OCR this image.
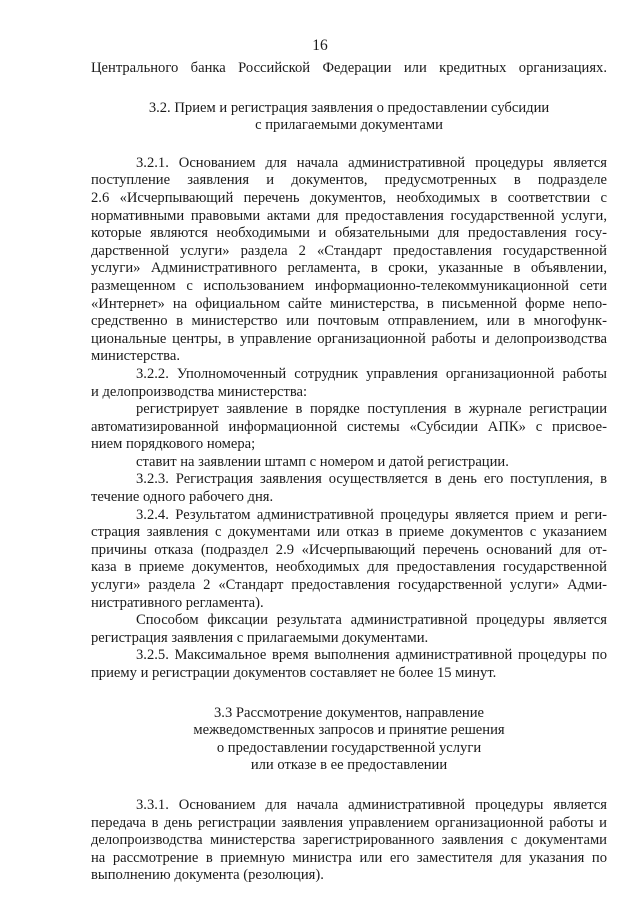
16
Центрального банка Российской Федерации или кредитных организациях.
3.2. Прием и регистрация заявления о предоставлении субсидии
с прилагаемыми документами
3.2.1. Основанием для начала административной процедуры является
поступление заявления и документов, предусмотренных в подразделе
2.6 «Исчерпывающий перечень документов, необходимых в соответствии с
нормативными правовыми актами для предоставления государственной услуги,
которые являются необходимыми и обязательными для предоставления госу-
дарственной услуги» раздела 2 «Стандарт предоставления государственной
услуги» Административного регламента, в сроки, указанные в объявлении,
размещенном с использованием информационно-телекоммуникационной сети
«Интернет» на официальном сайте министерства, в письменной форме непо-
средственно в министерство или почтовым отправлением, или в многофунк-
циональные центры, в управление организационной работы и делопроизводства
министерства.
3.2.2. Уполномоченный сотрудник управления организационной работы
и делопроизводства министерства:
регистрирует заявление в порядке поступления в журнале регистрации
автоматизированной информационной системы «Субсидии АПК» с присвое-
нием порядкового номера;
ставит на заявлении штамп с номером и датой регистрации.
3.2.3. Регистрация заявления осуществляется в день его поступления, в
течение одного рабочего дня.
3.2.4. Результатом административной процедуры является прием и реги-
страция заявления с документами или отказ в приеме документов с указанием
причины отказа (подраздел 2.9 «Исчерпывающий перечень оснований для от-
каза в приеме документов, необходимых для предоставления государственной
услуги» раздела 2 «Стандарт предоставления государственной услуги» Адми-
нистративного регламента).
Способом фиксации результата административной процедуры является
регистрация заявления с прилагаемыми документами.
3.2.5. Максимальное время выполнения административной процедуры по
приему и регистрации документов составляет не более 15 минут.
3.3 Рассмотрение документов, направление
межведомственных запросов и принятие решения
о предоставлении государственной услуги
или отказе в ее предоставлении
3.3.1. Основанием для начала административной процедуры является
передача в день регистрации заявления управлением организационной работы и
делопроизводства министерства зарегистрированного заявления с документами
на рассмотрение в приемную министра или его заместителя для указания по
выполнению документа (резолюция).
